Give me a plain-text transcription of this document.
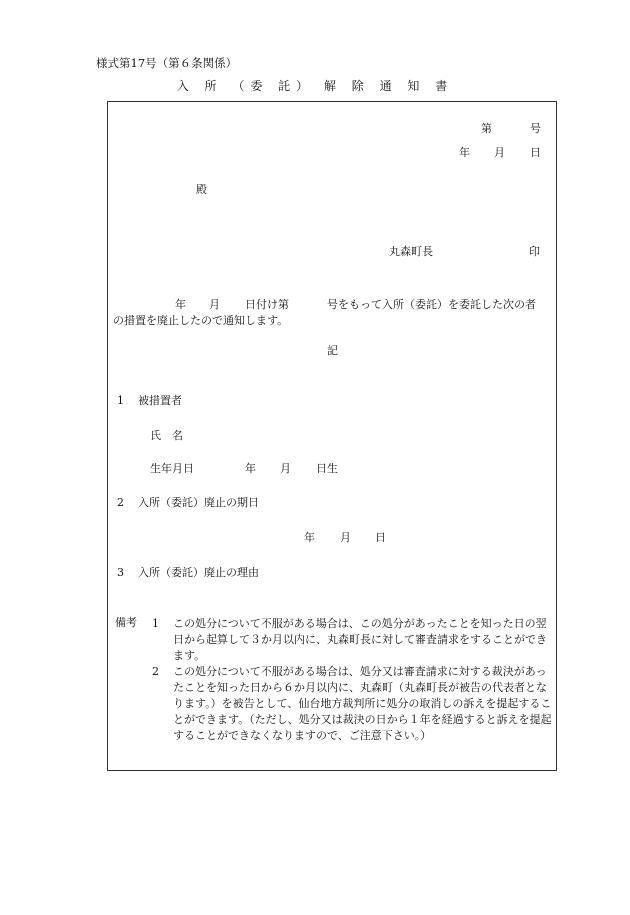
様式第17号（第６条関係）
入 所 （委 託） 解 除 通 知 書
第	号
年 月 日
殿
丸森町長	印
年 月 日付け第	号をもって入所（委託）を委託した次の者
の措置を廃止したので通知します。
記
1 被措置者
氏　名
生年月日	年 月 日生
2 入所（委託）廃止の期日
年 月 日
3 入所（委託）廃止の理由
備考 1 この処分について不服がある場合は、この処分があったことを知った日の翌日から起算して３か月以内に、丸森町長に対して審査請求をすることができます。
2 この処分について不服がある場合は、処分又は審査請求に対する裁決があったことを知った日から６か月以内に、丸森町（丸森町長が被告の代表者となります。）を被告として、仙台地方裁判所に処分の取消しの訴えを提起することができます。（ただし、処分又は裁決の日から１年を経過すると訴えを提起することができなくなりますので、ご注意下さい。）
